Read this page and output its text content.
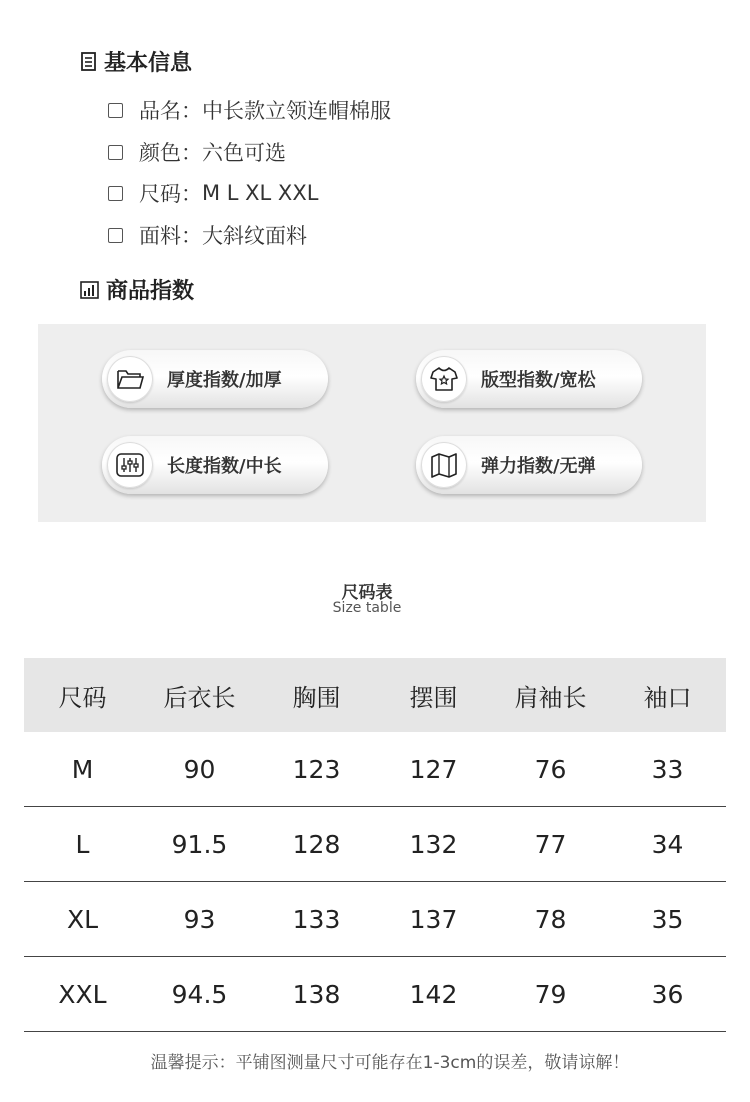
基本信息
品名： 中长款立领连帽棉服
颜色： 六色可选
尺码： M L XL XXL
面料： 大斜纹面料
商品指数
厚度指数/加厚	版型指数/宽松
长度指数/中长	弹力指数/无弹
尺码表
Size table
尺码	后衣长	胸围	摆围	肩袖长	袖口
M	90	123	127	76	33
L	91.5	128	132	77	34
XL	93	133	137	78	35
XXL	94.5	138	142	79	36
温馨提示：平铺图测量尺寸可能存在1-3cm的误差，敬请谅解！
